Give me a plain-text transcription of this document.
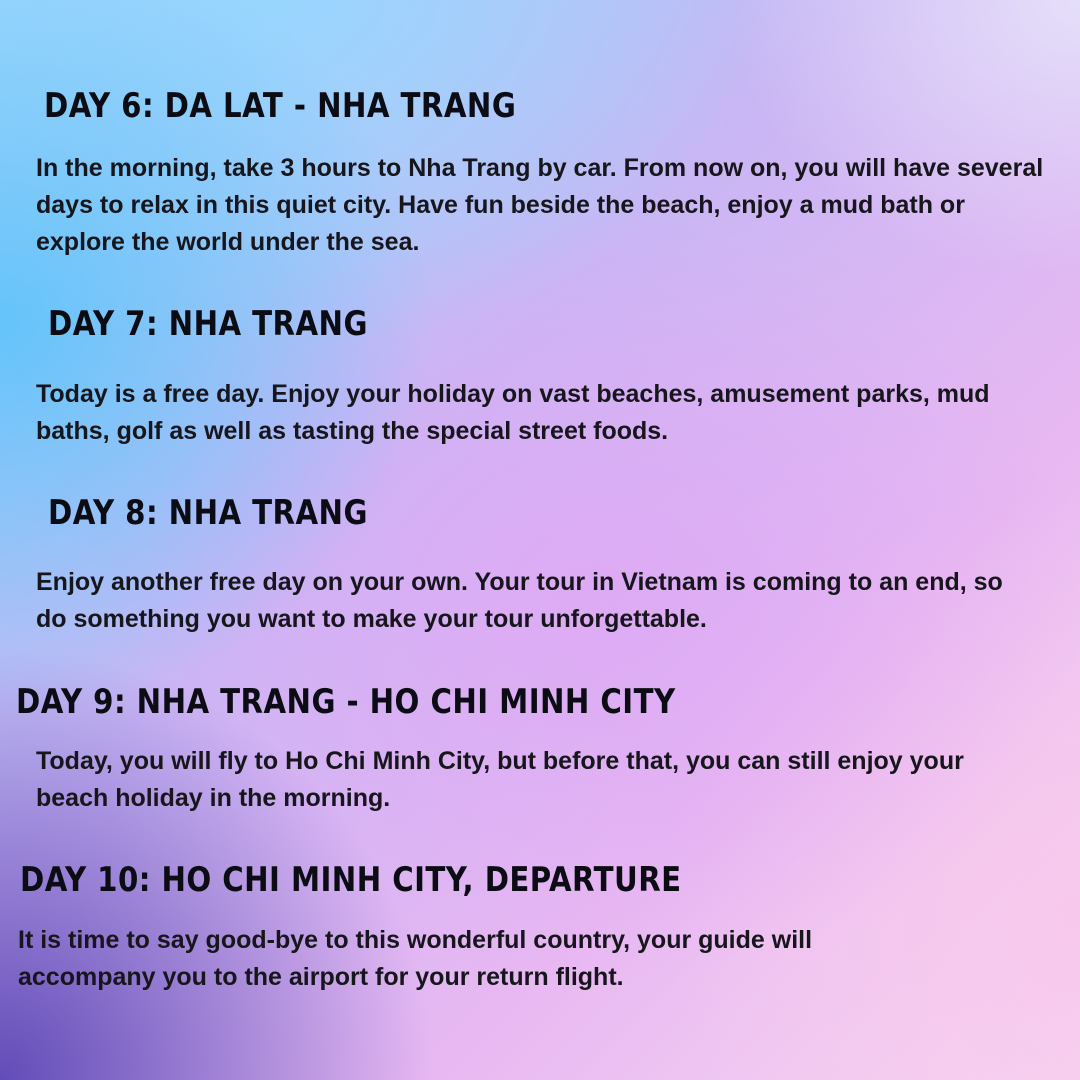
DAY 6: DA LAT - NHA TRANG

In the morning, take 3 hours to Nha Trang by car. From now on, you will have several days to relax in this quiet city. Have fun beside the beach, enjoy a mud bath or explore the world under the sea.

DAY 7: NHA TRANG

Today is a free day. Enjoy your holiday on vast beaches, amusement parks, mud baths, golf as well as tasting the special street foods.

DAY 8: NHA TRANG

Enjoy another free day on your own. Your tour in Vietnam is coming to an end, so do something you want to make your tour unforgettable.

DAY 9: NHA TRANG - HO CHI MINH CITY

Today, you will fly to Ho Chi Minh City, but before that, you can still enjoy your beach holiday in the morning.

DAY 10: HO CHI MINH CITY, DEPARTURE

It is time to say good-bye to this wonderful country, your guide will accompany you to the airport for your return flight.
